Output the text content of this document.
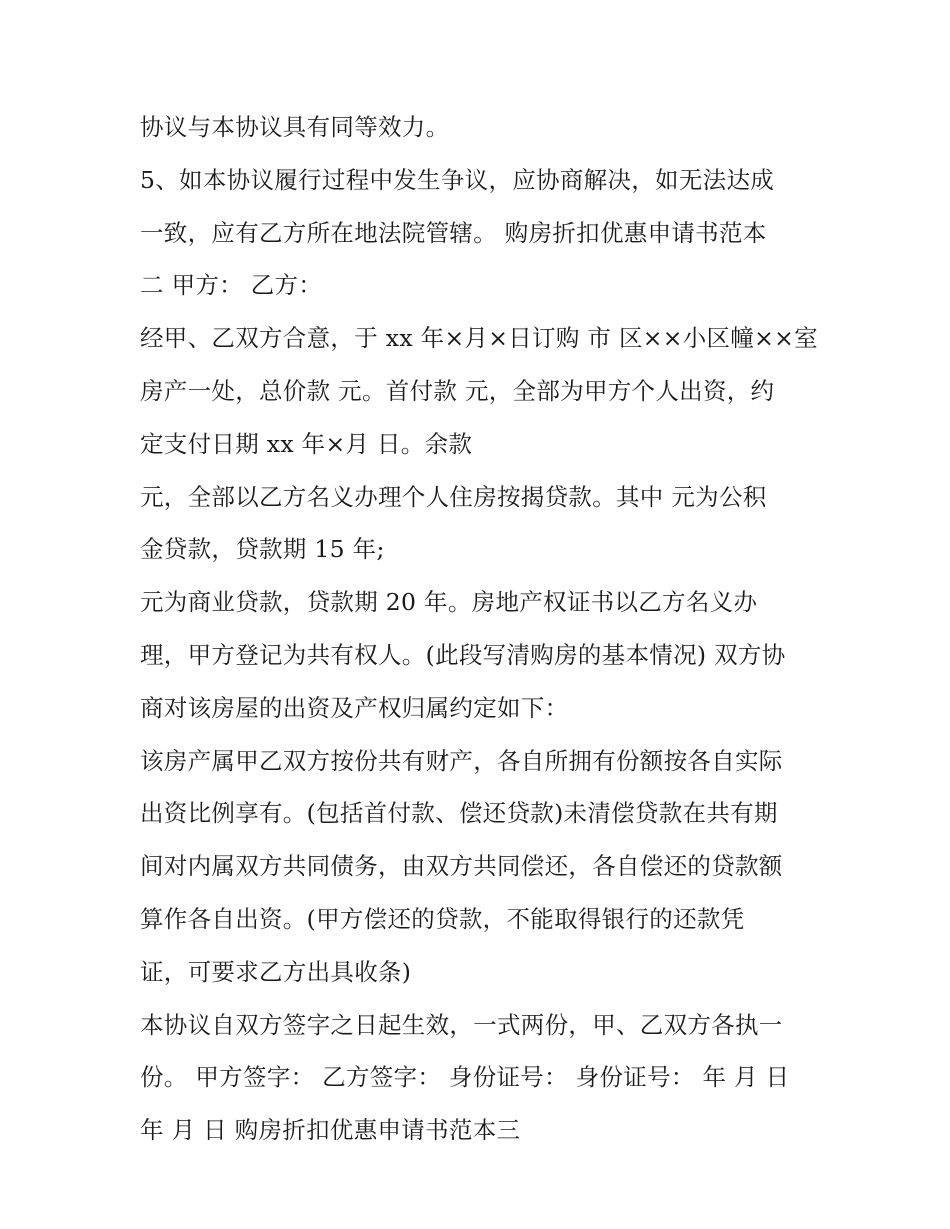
协议与本协议具有同等效力。
5、如本协议履行过程中发生争议，应协商解决，如无法达成
一致，应有乙方所在地法院管辖。 购房折扣优惠申请书范本
二 甲方： 乙方：
经甲、乙双方合意，于 xx 年×月×日订购 市 区××小区幢××室
房产一处，总价款 元。首付款 元，全部为甲方个人出资，约
定支付日期 xx 年×月 日。余款
元，全部以乙方名义办理个人住房按揭贷款。其中 元为公积
金贷款，贷款期 15 年;
元为商业贷款，贷款期 20 年。房地产权证书以乙方名义办
理，甲方登记为共有权人。(此段写清购房的基本情况) 双方协
商对该房屋的出资及产权归属约定如下：
该房产属甲乙双方按份共有财产，各自所拥有份额按各自实际
出资比例享有。(包括首付款、偿还贷款)未清偿贷款在共有期
间对内属双方共同债务，由双方共同偿还，各自偿还的贷款额
算作各自出资。(甲方偿还的贷款，不能取得银行的还款凭
证，可要求乙方出具收条)
本协议自双方签字之日起生效，一式两份，甲、乙双方各执一
份。 甲方签字： 乙方签字： 身份证号： 身份证号： 年 月 日
年 月 日 购房折扣优惠申请书范本三
